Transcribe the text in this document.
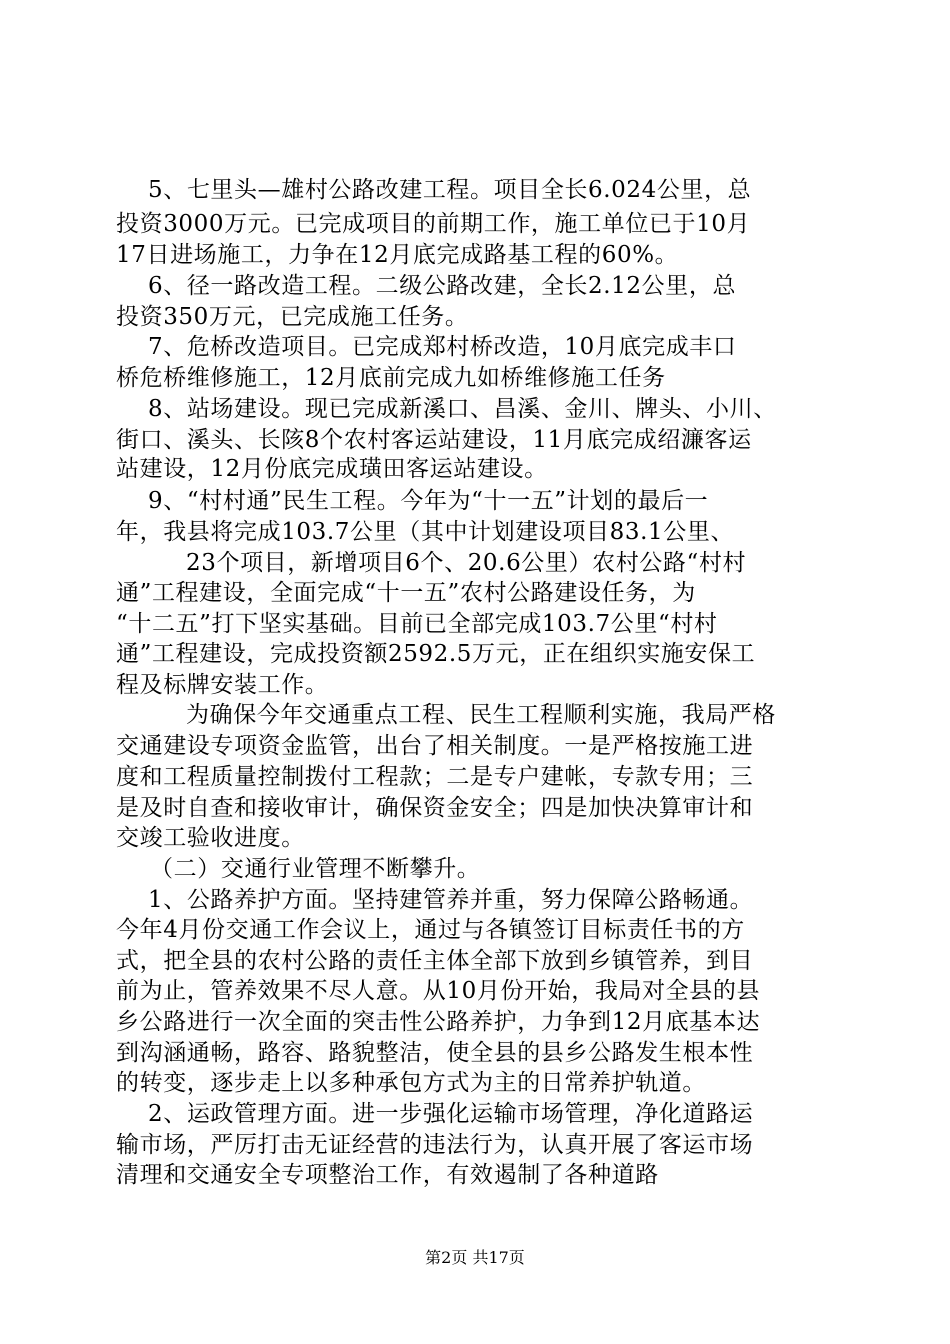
5、七里头—雄村公路改建工程。项目全长6.024公里，总
投资3000万元。已完成项目的前期工作，施工单位已于10月
17日进场施工，力争在12月底完成路基工程的60%。
6、径一路改造工程。二级公路改建，全长2.12公里，总
投资350万元，已完成施工任务。
7、危桥改造项目。已完成郑村桥改造，10月底完成丰口
桥危桥维修施工，12月底前完成九如桥维修施工任务
8、站场建设。现已完成新溪口、昌溪、金川、牌头、小川、
街口、溪头、长陔8个农村客运站建设，11月底完成绍濂客运
站建设，12月份底完成璜田客运站建设。
9、“村村通”民生工程。今年为“十一五”计划的最后一
年，我县将完成103.7公里（其中计划建设项目83.1公里、
23个项目，新增项目6个、20.6公里）农村公路“村村
通”工程建设，全面完成“十一五”农村公路建设任务，为
“十二五”打下坚实基础。目前已全部完成103.7公里“村村
通”工程建设，完成投资额2592.5万元，正在组织实施安保工
程及标牌安装工作。
为确保今年交通重点工程、民生工程顺利实施，我局严格
交通建设专项资金监管，出台了相关制度。一是严格按施工进
度和工程质量控制拨付工程款；二是专户建帐，专款专用；三
是及时自查和接收审计，确保资金安全；四是加快决算审计和
交竣工验收进度。
（二）交通行业管理不断攀升。
1、公路养护方面。坚持建管养并重，努力保障公路畅通。
今年4月份交通工作会议上，通过与各镇签订目标责任书的方
式，把全县的农村公路的责任主体全部下放到乡镇管养，到目
前为止，管养效果不尽人意。从10月份开始，我局对全县的县
乡公路进行一次全面的突击性公路养护，力争到12月底基本达
到沟涵通畅，路容、路貌整洁，使全县的县乡公路发生根本性
的转变，逐步走上以多种承包方式为主的日常养护轨道。
2、运政管理方面。进一步强化运输市场管理，净化道路运
输市场，严厉打击无证经营的违法行为，认真开展了客运市场
清理和交通安全专项整治工作，有效遏制了各种道路
第2页 共17页
